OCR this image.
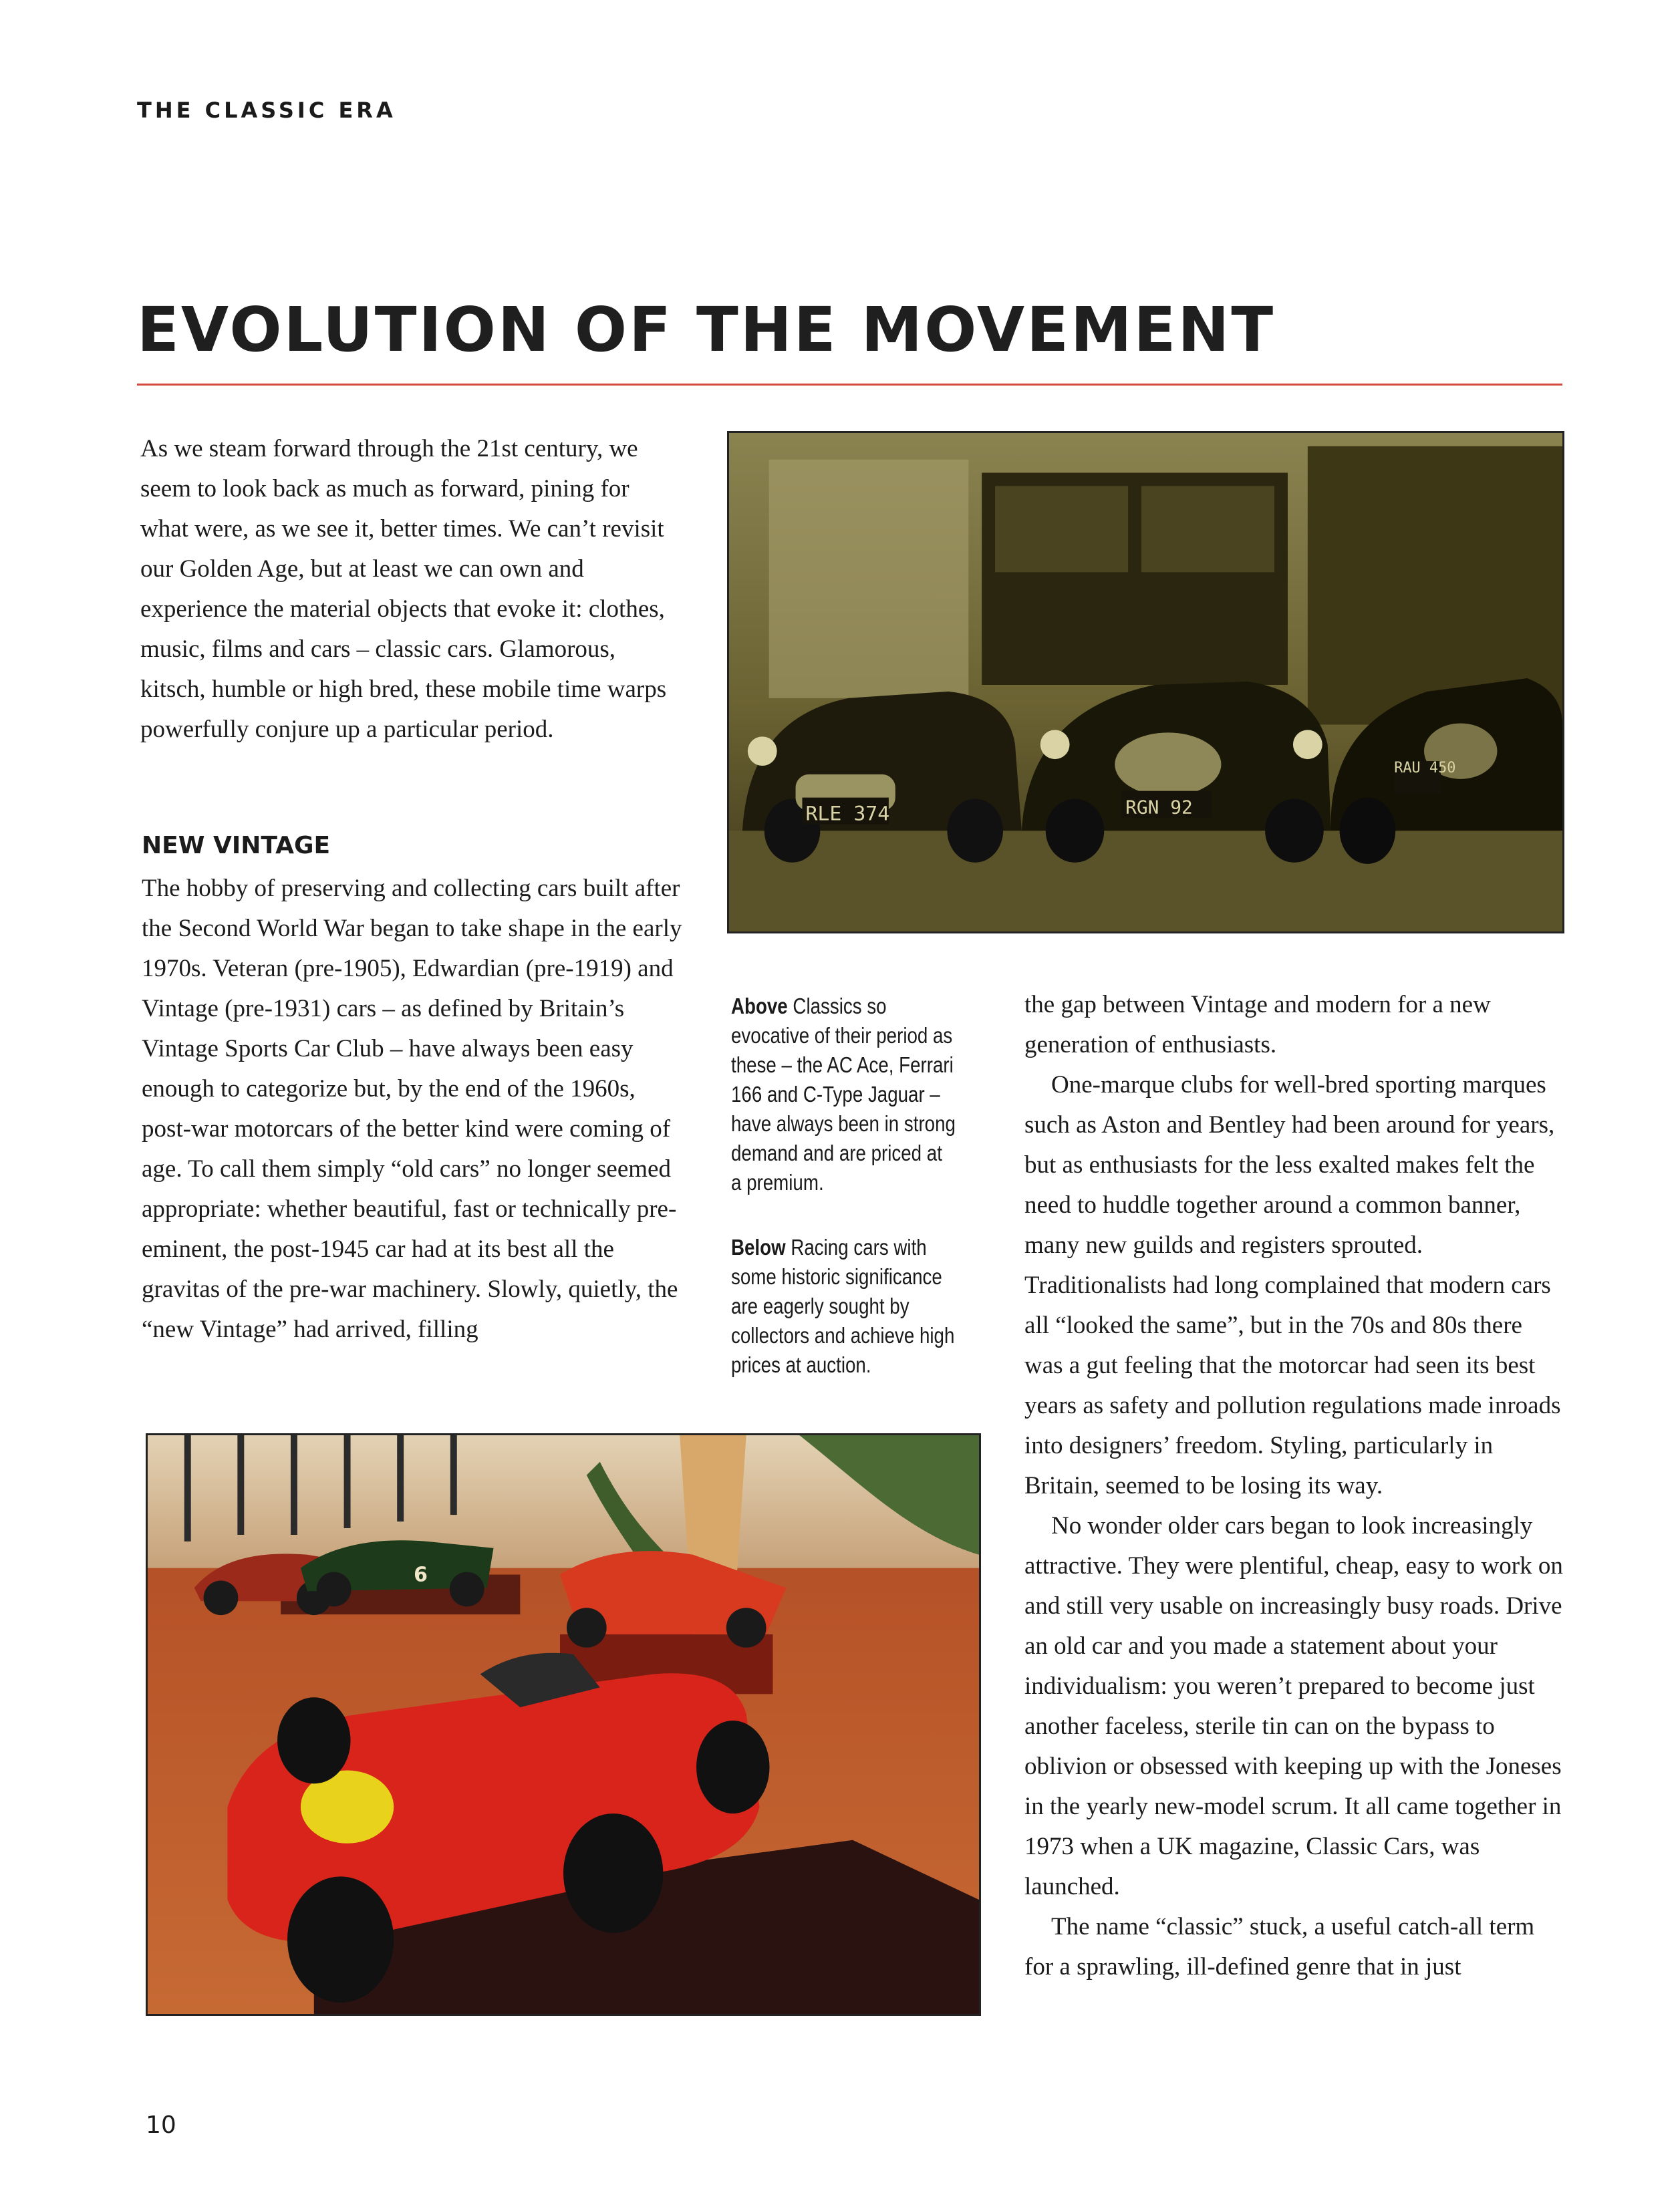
THE CLASSIC ERA
EVOLUTION OF THE MOVEMENT

As we steam forward through the 21st century, we seem to look back as much as forward, pining for what were, as we see it, better times. We can’t revisit our Golden Age, but at least we can own and experience the material objects that evoke it: clothes, music, films and cars – classic cars. Glamorous, kitsch, humble or high bred, these mobile time warps powerfully conjure up a particular period.

NEW VINTAGE

The hobby of preserving and collecting cars built after the Second World War began to take shape in the early 1970s. Veteran (pre-1905), Edwardian (pre-1919) and Vintage (pre-1931) cars – as defined by Britain’s Vintage Sports Car Club – have always been easy enough to categorize but, by the end of the 1960s, post-war motorcars of the better kind were coming of age. To call them simply “old cars” no longer seemed appropriate: whether beautiful, fast or technically pre-eminent, the post-1945 car had at its best all the gravitas of the pre-war machinery. Slowly, quietly, the “new Vintage” had arrived, filling

RLE 374	RGN 92
RAU 450
Above Classics so evocative of their period as these – the AC Ace, Ferrari 166 and C-Type Jaguar – have always been in strong demand and are priced at a premium.
Below Racing cars with some historic significance are eagerly sought by collectors and achieve high prices at auction.

the gap between Vintage and modern for a new generation of enthusiasts.

One-marque clubs for well-bred sporting marques such as Aston and Bentley had been around for years, but as enthusiasts for the less exalted makes felt the need to huddle together around a common banner, many new guilds and registers sprouted. Traditionalists had long complained that modern cars all “looked the same”, but in the 70s and 80s there was a gut feeling that the motorcar had seen its best years as safety and pollution regulations made inroads into designers’ freedom. Styling, particularly in Britain, seemed to be losing its way.

No wonder older cars began to look increasingly attractive. They were plentiful, cheap, easy to work on and still very usable on increasingly busy roads. Drive an old car and you made a statement about your individualism: you weren’t prepared to become just another faceless, sterile tin can on the bypass to oblivion or obsessed with keeping up with the Joneses in the yearly new-model scrum. It all came together in 1973 when a UK magazine, Classic Cars, was launched.

The name “classic” stuck, a useful catch-all term for a sprawling, ill-defined genre that in just

6
10
